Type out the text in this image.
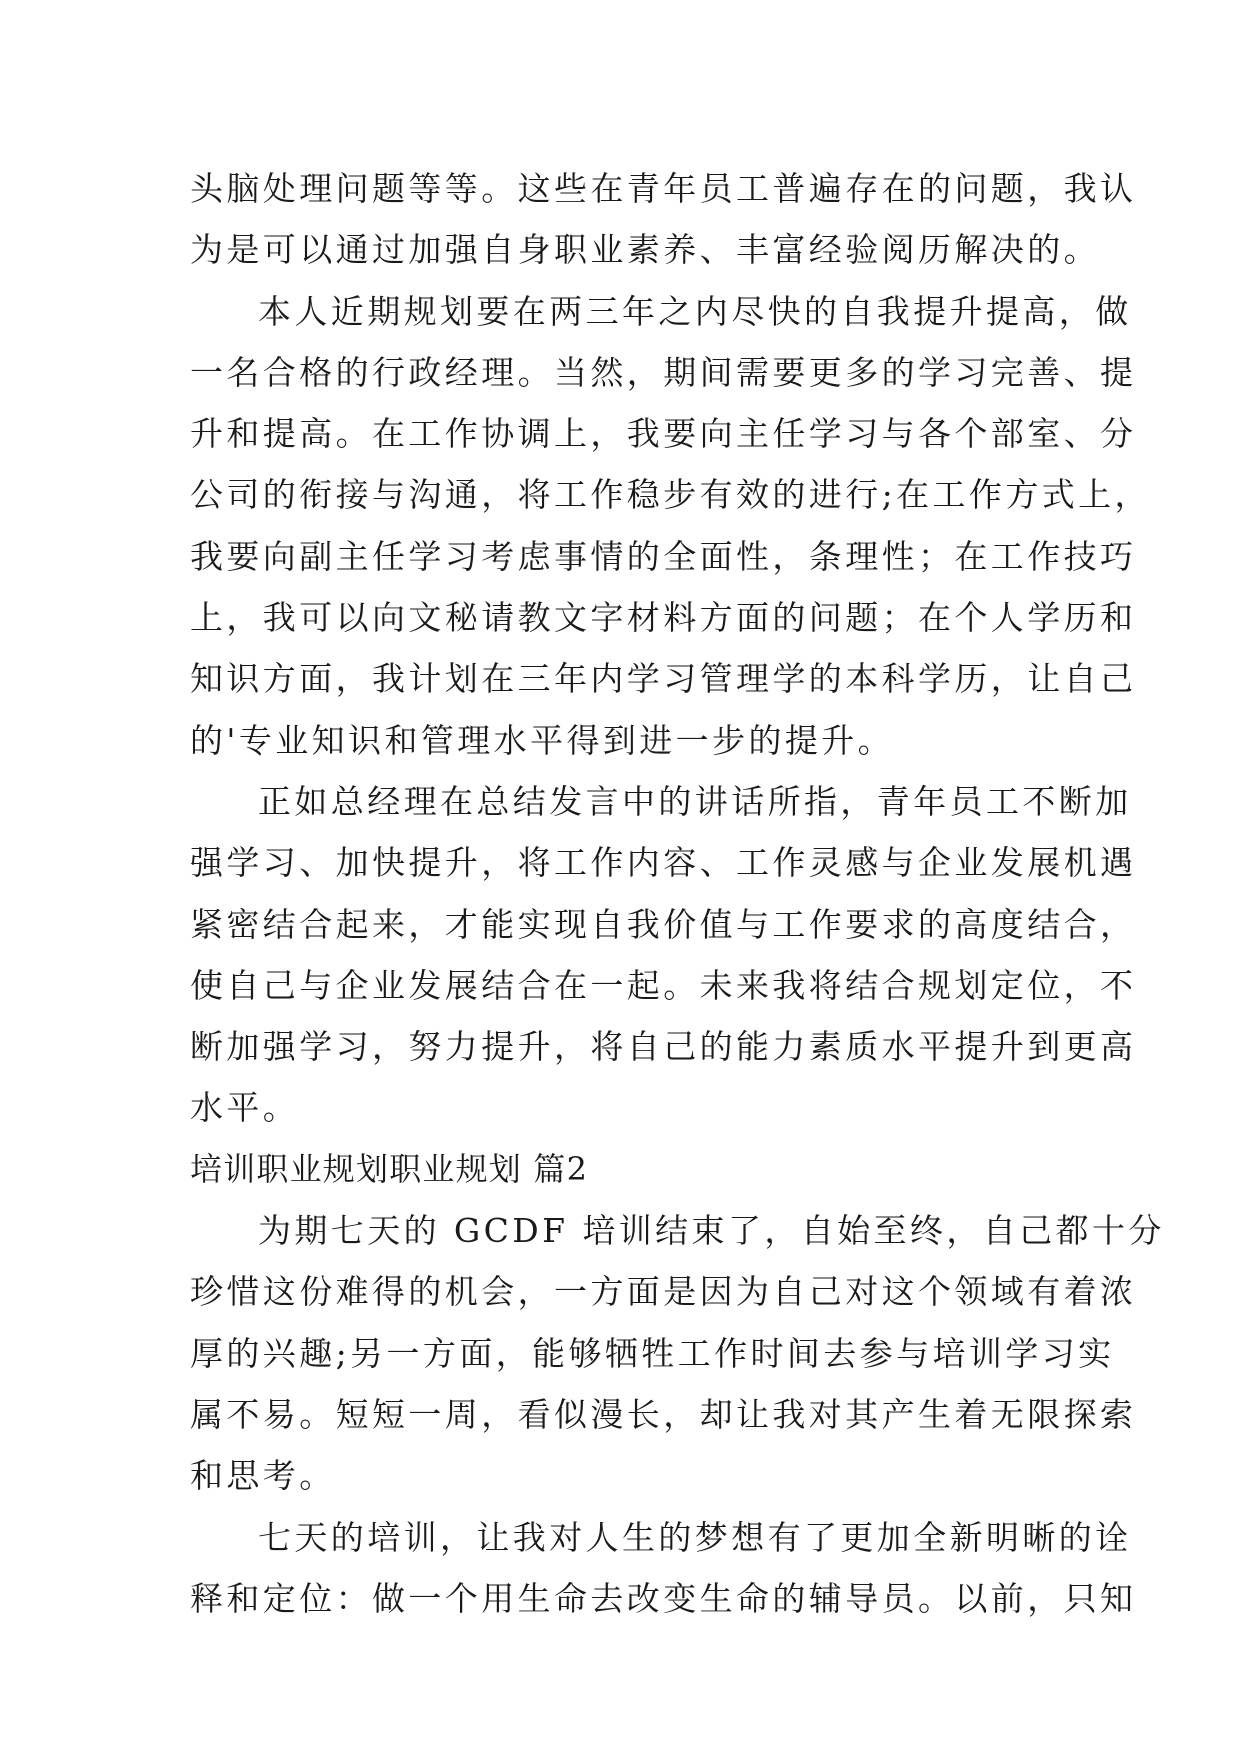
头脑处理问题等等。这些在青年员工普遍存在的问题，我认
为是可以通过加强自身职业素养、丰富经验阅历解决的。
本人近期规划要在两三年之内尽快的自我提升提高，做
一名合格的行政经理。当然，期间需要更多的学习完善、提
升和提高。在工作协调上，我要向主任学习与各个部室、分
公司的衔接与沟通，将工作稳步有效的进行;在工作方式上，
我要向副主任学习考虑事情的全面性，条理性；在工作技巧
上，我可以向文秘请教文字材料方面的问题；在个人学历和
知识方面，我计划在三年内学习管理学的本科学历，让自己
的'专业知识和管理水平得到进一步的提升。
正如总经理在总结发言中的讲话所指，青年员工不断加
强学习、加快提升，将工作内容、工作灵感与企业发展机遇
紧密结合起来，才能实现自我价值与工作要求的高度结合，
使自己与企业发展结合在一起。未来我将结合规划定位，不
断加强学习，努力提升，将自己的能力素质水平提升到更高
水平。
培训职业规划职业规划 篇2
为期七天的 GCDF 培训结束了，自始至终，自己都十分
珍惜这份难得的机会，一方面是因为自己对这个领域有着浓
厚的兴趣;另一方面，能够牺牲工作时间去参与培训学习实
属不易。短短一周，看似漫长，却让我对其产生着无限探索
和思考。
七天的培训，让我对人生的梦想有了更加全新明晰的诠
释和定位：做一个用生命去改变生命的辅导员。以前，只知
